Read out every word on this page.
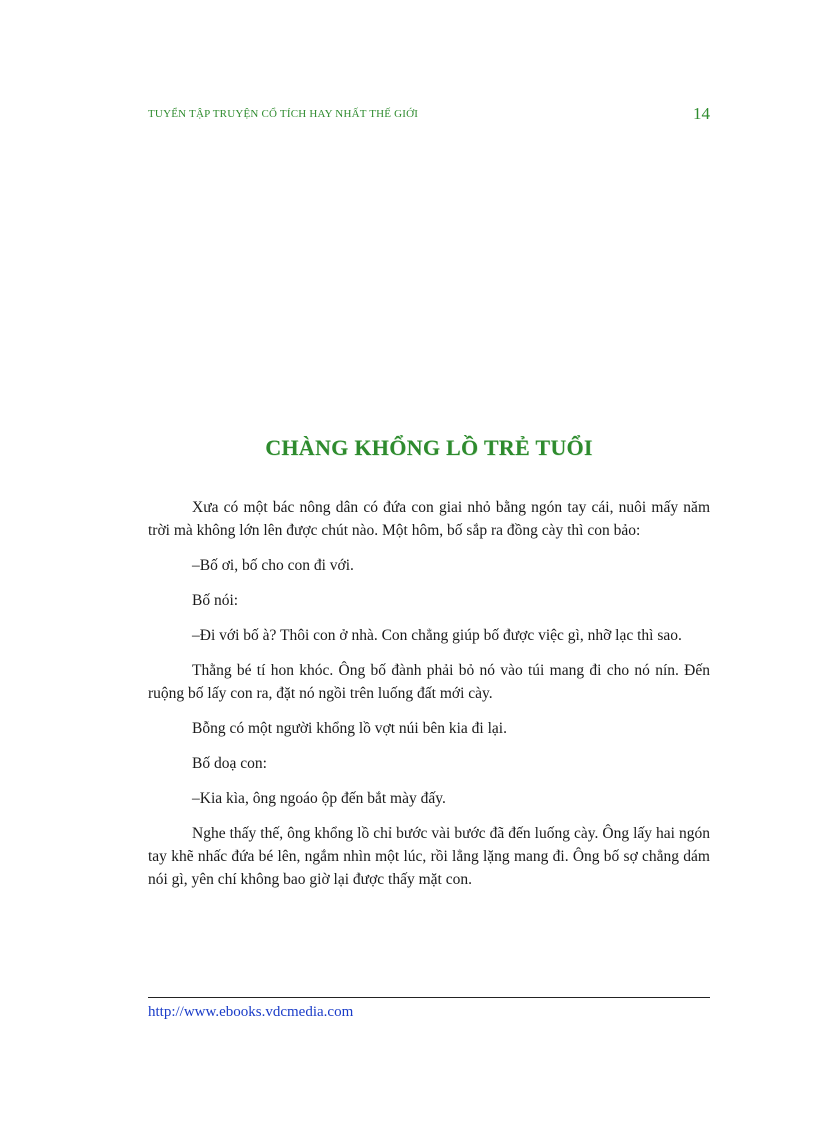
TUYỂN TẬP TRUYỆN CỔ TÍCH HAY NHẤT THẾ GIỚI	14
CHÀNG KHỔNG LỒ TRẺ TUỔI

Xưa có một bác nông dân có đứa con giai nhỏ bằng ngón tay cái, nuôi mấy năm trời mà không lớn lên được chút nào. Một hôm, bố sắp ra đồng cày thì con bảo:

–Bố ơi, bố cho con đi với.

Bố nói:

–Đi với bố à? Thôi con ở nhà. Con chẳng giúp bố được việc gì, nhỡ lạc thì sao.

Thằng bé tí hon khóc. Ông bố đành phải bỏ nó vào túi mang đi cho nó nín. Đến ruộng bố lấy con ra, đặt nó ngồi trên luống đất mới cày.

Bỗng có một người khổng lồ vợt núi bên kia đi lại.

Bố doạ con:

–Kia kìa, ông ngoáo ộp đến bắt mày đấy.

Nghe thấy thế, ông khổng lồ chỉ bước vài bước đã đến luống cày. Ông lấy hai ngón tay khẽ nhấc đứa bé lên, ngắm nhìn một lúc, rồi lẳng lặng mang đi. Ông bố sợ chẳng dám nói gì, yên chí không bao giờ lại được thấy mặt con.

http://www.ebooks.vdcmedia.com
